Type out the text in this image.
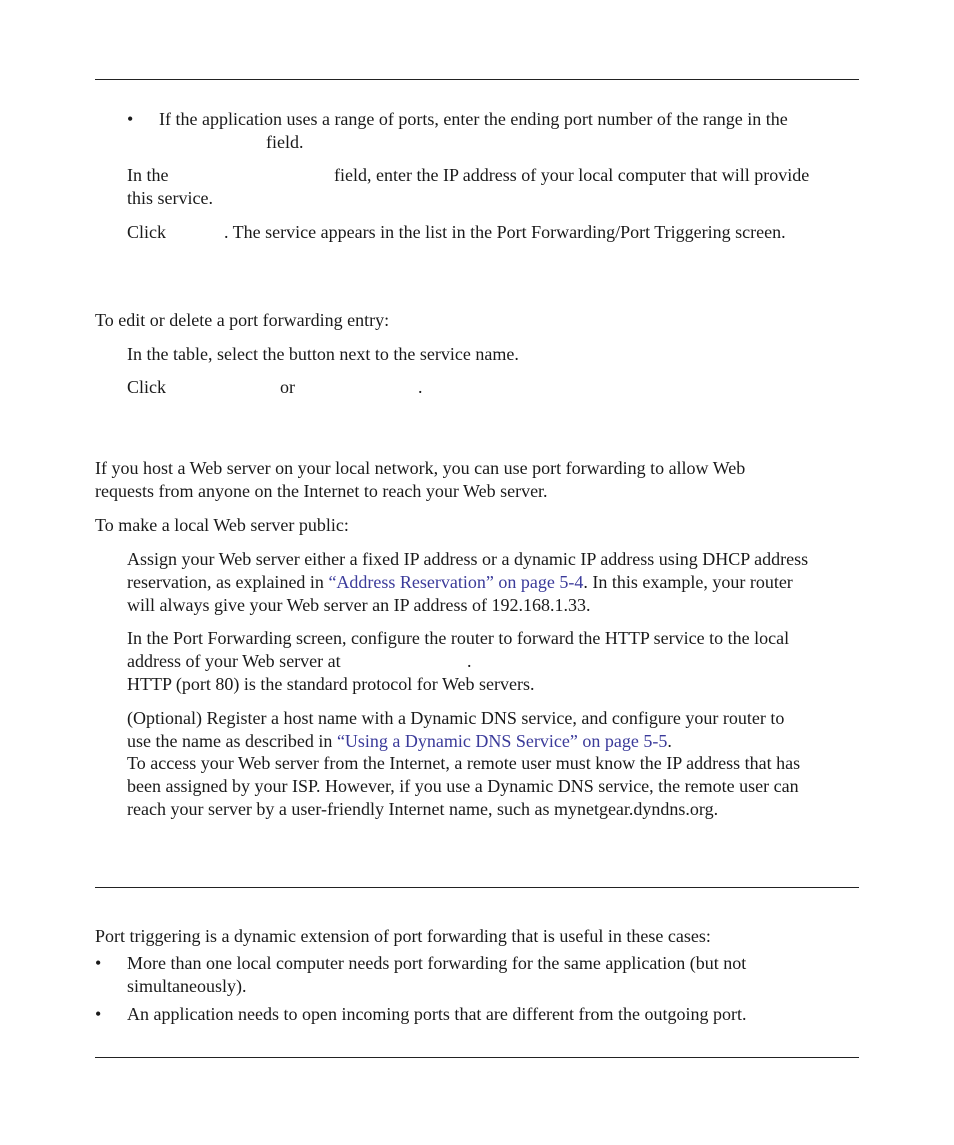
• If the application uses a range of ports, enter the ending port number of the range in the
field.
In the	field, enter the IP address of your local computer that will provide
this service.
Click	. The service appears in the list in the Port Forwarding/Port Triggering screen.
To edit or delete a port forwarding entry:
In the table, select the button next to the service name.
Click	or	.
If you host a Web server on your local network, you can use port forwarding to allow Web
requests from anyone on the Internet to reach your Web server.
To make a local Web server public:
Assign your Web server either a fixed IP address or a dynamic IP address using DHCP address
reservation, as explained in “Address Reservation” on page 5-4. In this example, your router
will always give your Web server an IP address of 192.168.1.33.
In the Port Forwarding screen, configure the router to forward the HTTP service to the local
address of your Web server at	.
HTTP (port 80) is the standard protocol for Web servers.
(Optional) Register a host name with a Dynamic DNS service, and configure your router to
use the name as described in “Using a Dynamic DNS Service” on page 5-5.
To access your Web server from the Internet, a remote user must know the IP address that has
been assigned by your ISP. However, if you use a Dynamic DNS service, the remote user can
reach your server by a user-friendly Internet name, such as mynetgear.dyndns.org.
Port triggering is a dynamic extension of port forwarding that is useful in these cases:
• More than one local computer needs port forwarding for the same application (but not
simultaneously).
• An application needs to open incoming ports that are different from the outgoing port.
